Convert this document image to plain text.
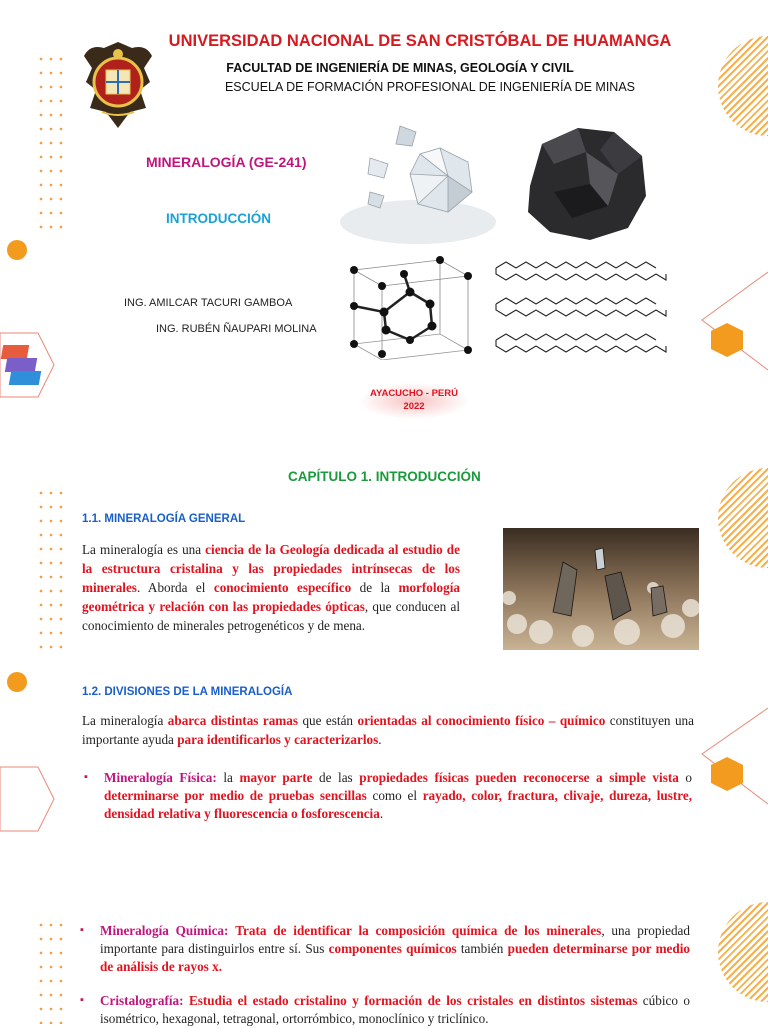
UNIVERSIDAD NACIONAL DE SAN CRISTÓBAL DE HUAMANGA
FACULTAD DE INGENIERÍA DE MINAS, GEOLOGÍA Y CIVIL
ESCUELA DE FORMACIÓN PROFESIONAL DE INGENIERÍA DE MINAS
MINERALOGÍA (GE-241)
INTRODUCCIÓN
ING. AMILCAR TACURI GAMBOA
ING. RUBÉN ÑAUPARI MOLINA
AYACUCHO - PERÚ
2022
CAPÍTULO 1. INTRODUCCIÓN
1.1. MINERALOGÍA GENERAL

La mineralogía es una ciencia de la Geología dedicada al estudio de la estructura cristalina y las propiedades intrínsecas de los minerales. Aborda el conocimiento específico de la morfología geométrica y relación con las propiedades ópticas, que conducen al conocimiento de minerales petrogenéticos y de mena.

1.2. DIVISIONES DE LA MINERALOGÍA

La mineralogía abarca distintas ramas que están orientadas al conocimiento físico – químico constituyen una importante ayuda para identificarlos y caracterizarlos.

▪ Mineralogía Física: la mayor parte de las propiedades físicas pueden reconocerse a simple vista o determinarse por medio de pruebas sencillas como el rayado, color, fractura, clivaje, dureza, lustre, densidad relativa y fluorescencia o fosforescencia.
▪ Mineralogía Química: Trata de identificar la composición química de los minerales, una propiedad importante para distinguirlos entre sí. Sus componentes químicos también pueden determinarse por medio de análisis de rayos x.
▪ Cristalografía: Estudia el estado cristalino y formación de los cristales en distintos sistemas cúbico o isométrico, hexagonal, tetragonal, ortorrómbico, monoclínico y triclínico.
